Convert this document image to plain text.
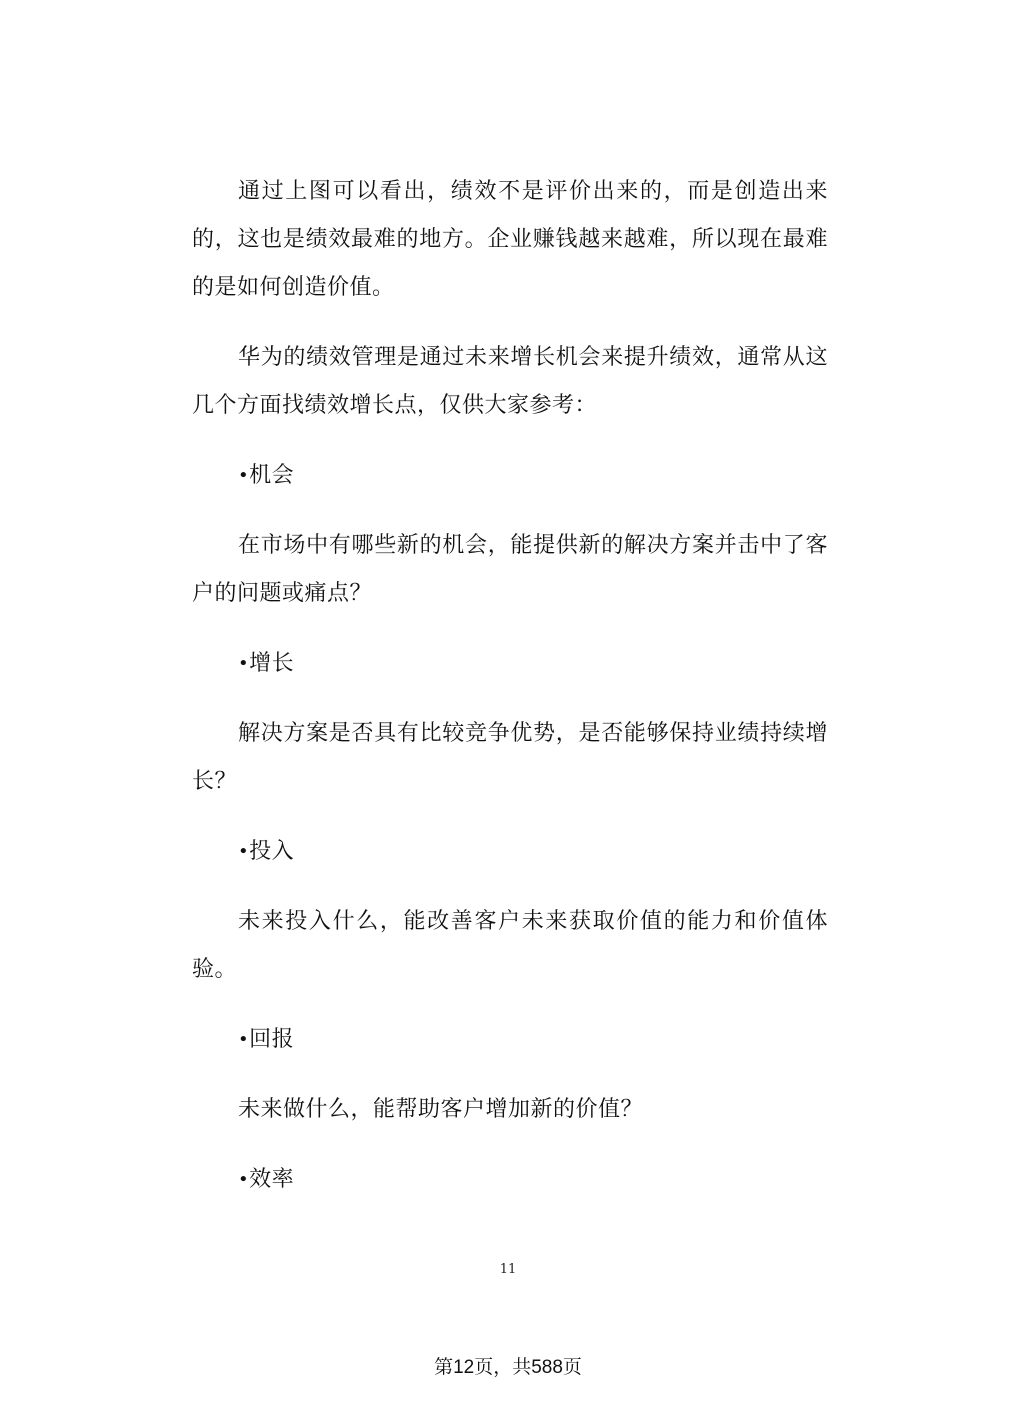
通过上图可以看出，绩效不是评价出来的，而是创造出来的，这也是绩效最难的地方。企业赚钱越来越难，所以现在最难的是如何创造价值。

华为的绩效管理是通过未来增长机会来提升绩效，通常从这几个方面找绩效增长点，仅供大家参考：

•机会

在市场中有哪些新的机会，能提供新的解决方案并击中了客户的问题或痛点？

•增长

解决方案是否具有比较竞争优势，是否能够保持业绩持续增长？

•投入

未来投入什么，能改善客户未来获取价值的能力和价值体验。

•回报

未来做什么，能帮助客户增加新的价值？

•效率
11
第12页，共588页
